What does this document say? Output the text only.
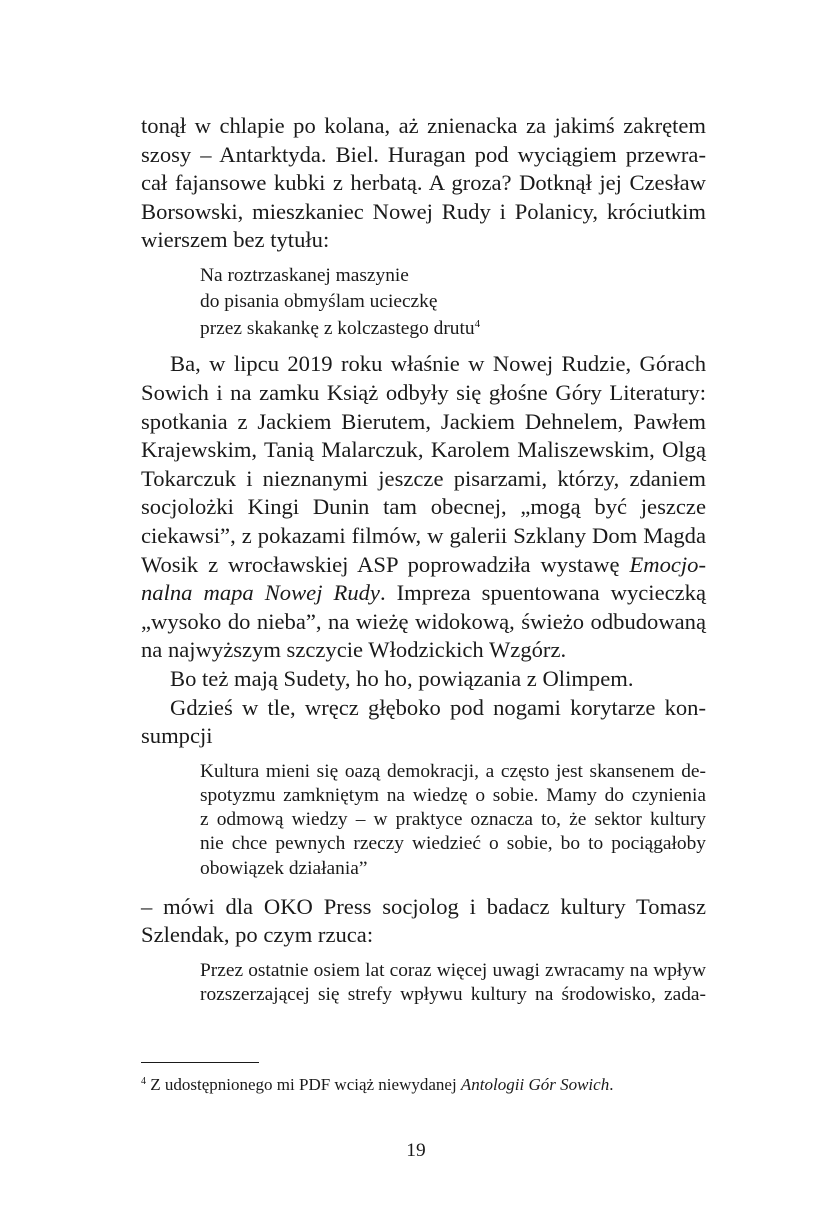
tonął w chlapie po kolana, aż znienacka za jakimś zakrętem
szosy – Antarktyda. Biel. Huragan pod wyciągiem przewra-
cał fajansowe kubki z herbatą. A groza? Dotknął jej Czesław
Borsowski, mieszkaniec Nowej Rudy i Polanicy, króciutkim
wierszem bez tytułu:

Na roztrzaskanej maszynie
do pisania obmyślam ucieczkę
przez skakankę z kolczastego drutu$^4$

Ba, w lipcu 2019 roku właśnie w Nowej Rudzie, Górach
Sowich i na zamku Książ odbyły się głośne Góry Literatury:
spotkania z Jackiem Bierutem, Jackiem Dehnelem, Pawłem
Krajewskim, Tanią Malarczuk, Karolem Maliszewskim, Olgą
Tokarczuk i nieznanymi jeszcze pisarzami, którzy, zdaniem
socjolożki Kingi Dunin tam obecnej, „mogą być jeszcze
ciekawsi”, z pokazami filmów, w galerii Szklany Dom Magda
Wosik z wrocławskiej ASP poprowadziła wystawę Emocjo-
nalna mapa Nowej Rudy. Impreza spuentowana wycieczką
„wysoko do nieba”, na wieżę widokową, świeżo odbudowaną
na najwyższym szczycie Włodzickich Wzgórz.

Bo też mają Sudety, ho ho, powiązania z Olimpem.

Gdzieś w tle, wręcz głęboko pod nogami korytarze kon-
sumpcji

Kultura mieni się oazą demokracji, a często jest skansenem de-
spotyzmu zamkniętym na wiedzę o sobie. Mamy do czynienia
z odmową wiedzy – w praktyce oznacza to, że sektor kultury
nie chce pewnych rzeczy wiedzieć o sobie, bo to pociągałoby
obowiązek działania”

– mówi dla OKO Press socjolog i badacz kultury Tomasz
Szlendak, po czym rzuca:

Przez ostatnie osiem lat coraz więcej uwagi zwracamy na wpływ
rozszerzającej się strefy wpływu kultury na środowisko, zada-
$^4$ Z udostępnionego mi PDF wciąż niewydanej Antologii Gór Sowich.
19
